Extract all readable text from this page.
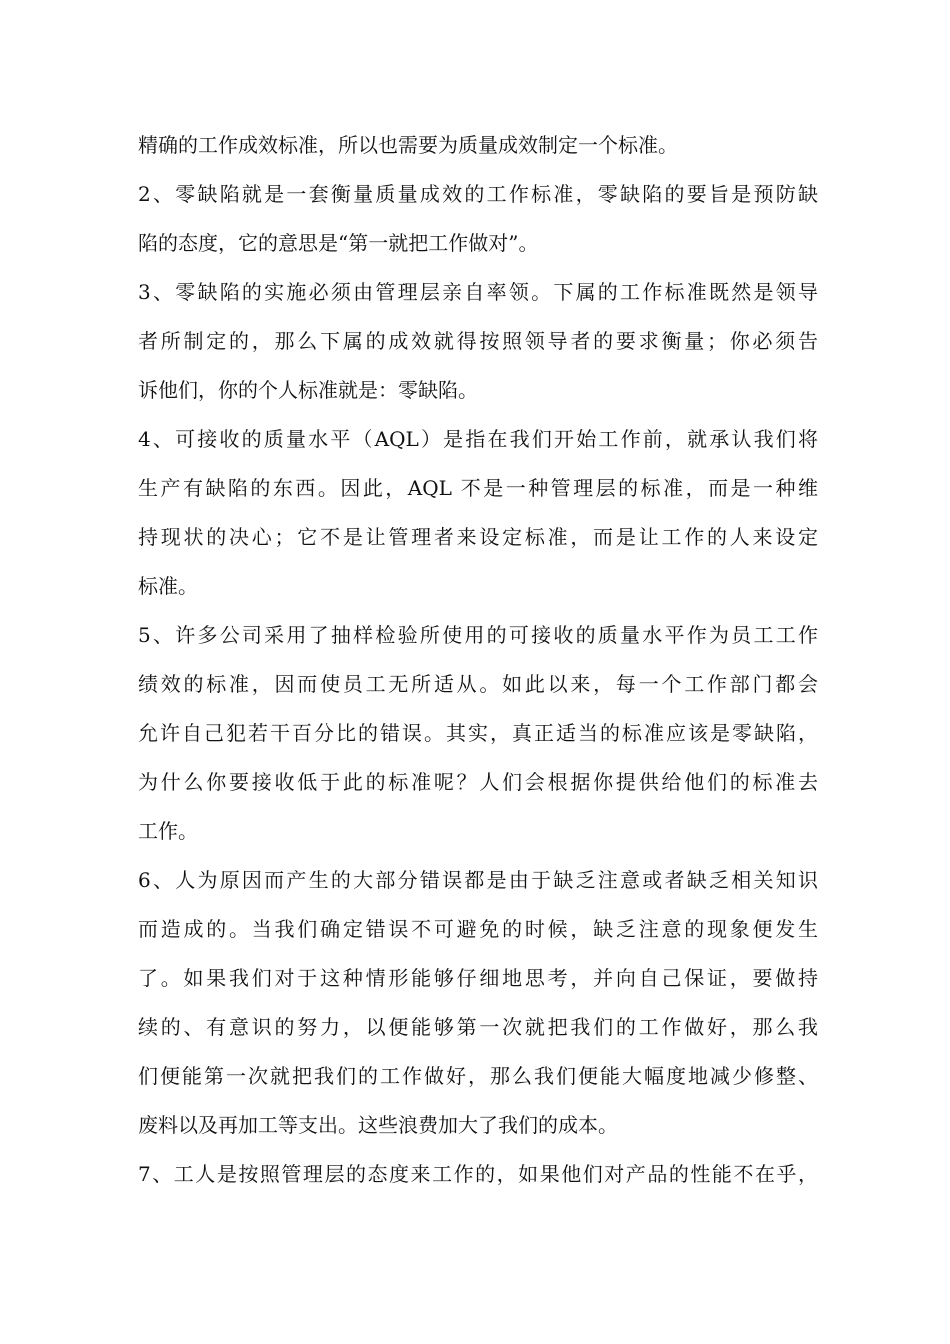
精确的工作成效标准，所以也需要为质量成效制定一个标准。
2、零缺陷就是一套衡量质量成效的工作标准，零缺陷的要旨是预防缺
陷的态度，它的意思是“第一就把工作做对”。
3、零缺陷的实施必须由管理层亲自率领。下属的工作标准既然是领导
者所制定的，那么下属的成效就得按照领导者的要求衡量；你必须告
诉他们，你的个人标准就是：零缺陷。
4、可接收的质量水平（AQL）是指在我们开始工作前，就承认我们将
生产有缺陷的东西。因此，AQL 不是一种管理层的标准，而是一种维
持现状的决心；它不是让管理者来设定标准，而是让工作的人来设定
标准。
5、许多公司采用了抽样检验所使用的可接收的质量水平作为员工工作
绩效的标准，因而使员工无所适从。如此以来，每一个工作部门都会
允许自己犯若干百分比的错误。其实，真正适当的标准应该是零缺陷，
为什么你要接收低于此的标准呢？人们会根据你提供给他们的标准去
工作。
6、人为原因而产生的大部分错误都是由于缺乏注意或者缺乏相关知识
而造成的。当我们确定错误不可避免的时候，缺乏注意的现象便发生
了。如果我们对于这种情形能够仔细地思考，并向自己保证，要做持
续的、有意识的努力，以便能够第一次就把我们的工作做好，那么我
们便能第一次就把我们的工作做好，那么我们便能大幅度地减少修整、
废料以及再加工等支出。这些浪费加大了我们的成本。
7、工人是按照管理层的态度来工作的，如果他们对产品的性能不在乎，
